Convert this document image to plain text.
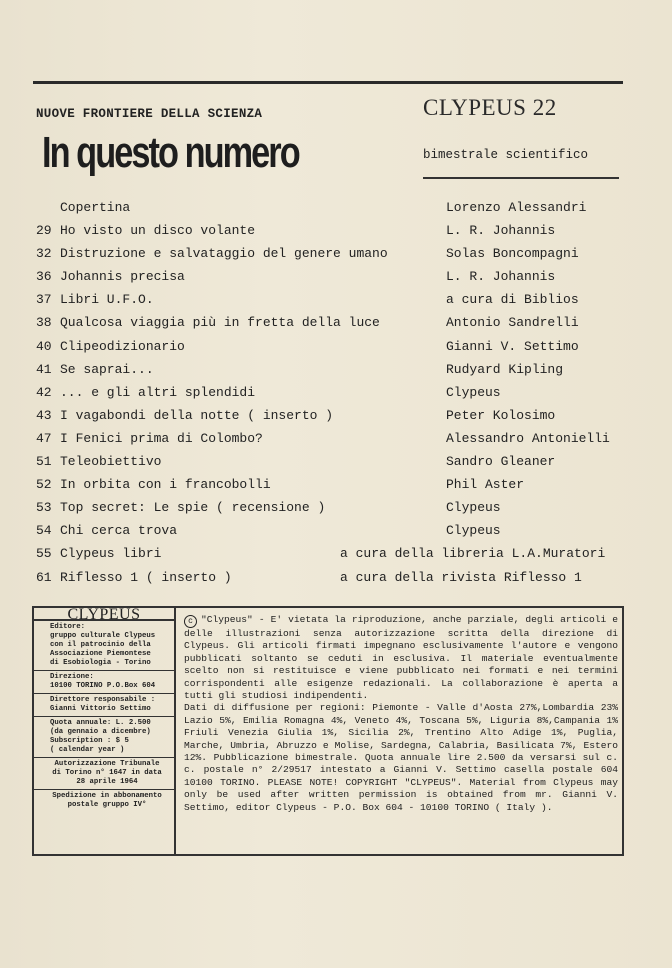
NUOVE FRONTIERE DELLA SCIENZA
In questo numero
CLYPEUS 22
bimestrale scientifico
Copertina	Lorenzo Alessandri
29 Ho visto un disco volante	L. R. Johannis
32 Distruzione e salvataggio del genere umano	Solas Boncompagni
36 Johannis precisa	L. R. Johannis
37 Libri U.F.O.	a cura di Biblios
38 Qualcosa viaggia più in fretta della luce	Antonio Sandrelli
40 Clipeodizionario	Gianni V. Settimo
41 Se saprai...	Rudyard Kipling
42 ... e gli altri splendidi	Clypeus
43 I vagabondi della notte ( inserto )	Peter Kolosimo
47 I Fenici prima di Colombo?	Alessandro Antonielli
51 Teleobiettivo	Sandro Gleaner
52 In orbita con i francobolli	Phil Aster
53 Top secret: Le spie ( recensione )	Clypeus
54 Chi cerca trova	Clypeus
55 Clypeus libri	a cura della libreria L.A.Muratori
61 Riflesso 1 ( inserto )	a cura della rivista Riflesso 1
CLYPEUS
Editore:
gruppo culturale Clypeus
con il patrocinio della
Associazione Piemontese
di Esobiologia - Torino
Direzione:
10100 TORINO P.O.Box 604
Direttore responsabile :
Gianni Vittorio Settimo
Quota annuale: L. 2.500
(da gennaio a dicembre)
Subscription : $ 5
( calendar year )
Autorizzazione Tribunale
di Torino n° 1647 in data
28 aprile 1964
Spedizione in abbonamento
postale gruppo IV°
c "Clypeus" - E' vietata la riproduzione, anche parziale, degli articoli e delle illustrazioni senza autorizzazione scritta della direzione di Clypeus. Gli articoli firmati impegnano esclusivamente l'autore e vengono pubblicati soltanto se ceduti in esclusiva. Il materiale eventualmente scelto non si restituisce e viene pubblicato nei formati e nei termini corrispondenti alle esigenze redazionali. La collaborazione è aperta a tutti gli studiosi indipendenti.
Dati di diffusione per regioni: Piemonte - Valle d'Aosta 27%,Lombardia 23% Lazio 5%, Emilia Romagna 4%, Veneto 4%, Toscana 5%, Liguria 8%,Campania 1% Friuli Venezia Giulia 1%, Sicilia 2%, Trentino Alto Adige 1%, Puglia, Marche, Umbria, Abruzzo e Molise, Sardegna, Calabria, Basilicata 7%, Estero 12%. Pubblicazione bimestrale. Quota annuale lire 2.500 da versarsi sul c. c. postale n° 2/29517 intestato a Gianni V. Settimo casella postale 604 10100 TORINO. PLEASE NOTE! COPYRIGHT "CLYPEUS". Material from Clypeus may only be used after written permission is obtained from mr. Gianni V. Settimo, editor Clypeus - P.O. Box 604 - 10100 TORINO ( Italy ).
